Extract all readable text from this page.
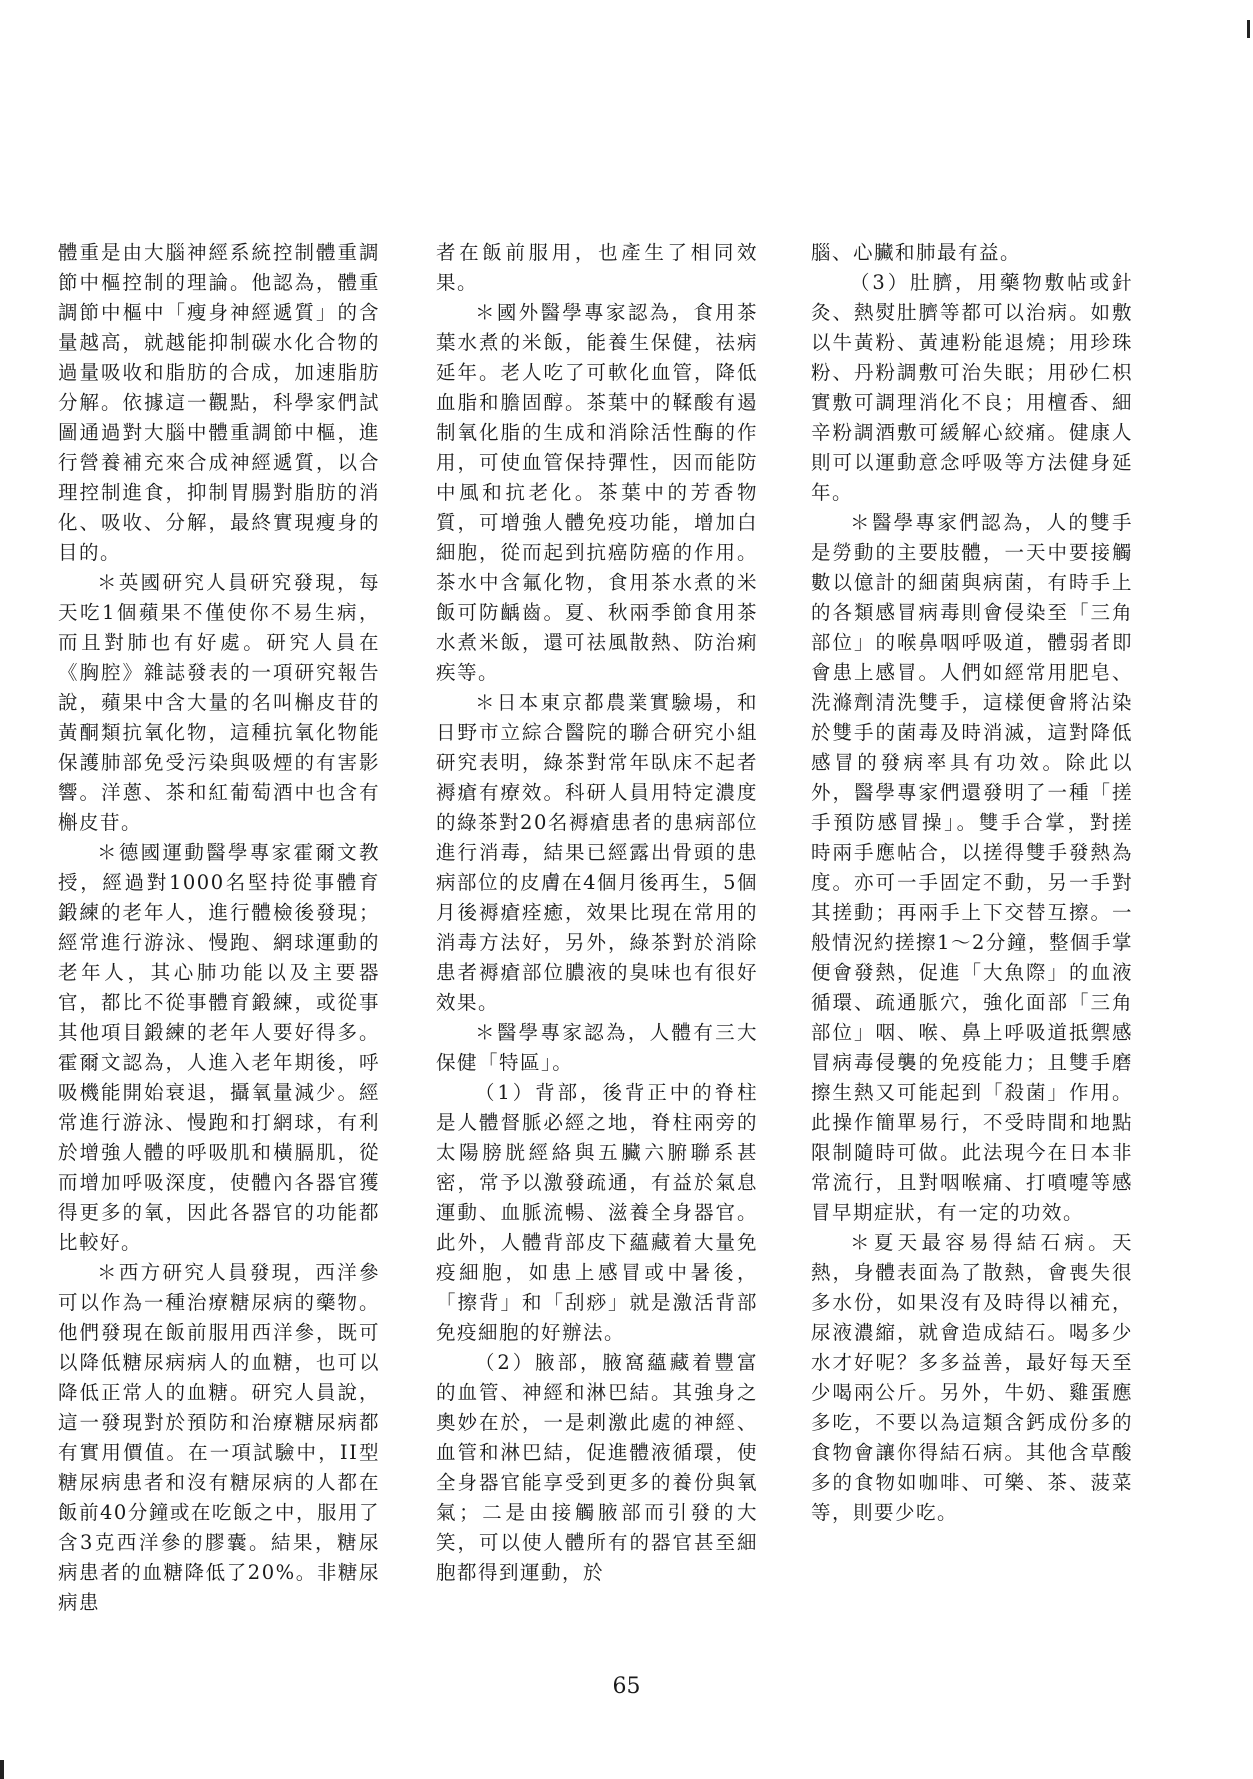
體重是由大腦神經系統控制體重調節中樞控制的理論。他認為，體重調節中樞中「瘦身神經遞質」的含量越高，就越能抑制碳水化合物的過量吸收和脂肪的合成，加速脂肪分解。依據這一觀點，科學家們試圖通過對大腦中體重調節中樞，進行營養補充來合成神經遞質，以合理控制進食，抑制胃腸對脂肪的消化、吸收、分解，最終實現瘦身的目的。

＊英國研究人員研究發現，每天吃1個蘋果不僅使你不易生病，而且對肺也有好處。研究人員在《胸腔》雜誌發表的一項研究報告說，蘋果中含大量的名叫槲皮苷的黃酮類抗氧化物，這種抗氧化物能保護肺部免受污染與吸煙的有害影響。洋蔥、茶和紅葡萄酒中也含有槲皮苷。

＊德國運動醫學專家霍爾文教授，經過對1000名堅持從事體育鍛練的老年人，進行體檢後發現；經常進行游泳、慢跑、網球運動的老年人，其心肺功能以及主要器官，都比不從事體育鍛練，或從事其他項目鍛練的老年人要好得多。霍爾文認為，人進入老年期後，呼吸機能開始衰退，攝氧量減少。經常進行游泳、慢跑和打網球，有利於增強人體的呼吸肌和橫膈肌，從而增加呼吸深度，使體內各器官獲得更多的氧，因此各器官的功能都比較好。

＊西方研究人員發現，西洋參可以作為一種治療糖尿病的藥物。他們發現在飯前服用西洋參，既可以降低糖尿病病人的血糖，也可以降低正常人的血糖。研究人員說，這一發現對於預防和治療糖尿病都有實用價值。在一項試驗中，II型糖尿病患者和沒有糖尿病的人都在飯前40分鐘或在吃飯之中，服用了含3克西洋參的膠囊。結果，糖尿病患者的血糖降低了20%。非糖尿病患

者在飯前服用，也產生了相同效果。

＊國外醫學專家認為，食用茶葉水煮的米飯，能養生保健，祛病延年。老人吃了可軟化血管，降低血脂和膽固醇。茶葉中的鞣酸有遏制氧化脂的生成和消除活性酶的作用，可使血管保持彈性，因而能防中風和抗老化。茶葉中的芳香物質，可增強人體免疫功能，增加白細胞，從而起到抗癌防癌的作用。茶水中含氟化物，食用茶水煮的米飯可防齲齒。夏、秋兩季節食用茶水煮米飯，還可祛風散熱、防治痢疾等。

＊日本東京都農業實驗場，和日野市立綜合醫院的聯合研究小組研究表明，綠茶對常年臥床不起者褥瘡有療效。科研人員用特定濃度的綠茶對20名褥瘡患者的患病部位進行消毒，結果已經露出骨頭的患病部位的皮膚在4個月後再生，5個月後褥瘡痊癒，效果比現在常用的消毒方法好，另外，綠茶對於消除患者褥瘡部位膿液的臭味也有很好效果。

＊醫學專家認為，人體有三大保健「特區」。

（1）背部，後背正中的脊柱是人體督脈必經之地，脊柱兩旁的太陽膀胱經絡與五臟六腑聯系甚密，常予以激發疏通，有益於氣息運動、血脈流暢、滋養全身器官。此外，人體背部皮下蘊藏着大量免疫細胞，如患上感冒或中暑後，「擦背」和「刮痧」就是激活背部免疫細胞的好辦法。

（2）腋部，腋窩蘊藏着豐富的血管、神經和淋巴結。其強身之奧妙在於，一是刺激此處的神經、血管和淋巴結，促進體液循環，使全身器官能享受到更多的養份與氧氣；二是由接觸腋部而引發的大笑，可以使人體所有的器官甚至細胞都得到運動，於

腦、心臟和肺最有益。

（3）肚臍，用藥物敷帖或針灸、熱熨肚臍等都可以治病。如敷以牛黃粉、黃連粉能退燒；用珍珠粉、丹粉調敷可治失眠；用砂仁枳實敷可調理消化不良；用檀香、細辛粉調酒敷可緩解心絞痛。健康人則可以運動意念呼吸等方法健身延年。

＊醫學專家們認為，人的雙手是勞動的主要肢體，一天中要接觸數以億計的細菌與病菌，有時手上的各類感冒病毒則會侵染至「三角部位」的喉鼻咽呼吸道，體弱者即會患上感冒。人們如經常用肥皂、洗滌劑清洗雙手，這樣便會將沾染於雙手的菌毒及時消滅，這對降低感冒的發病率具有功效。除此以外，醫學專家們還發明了一種「搓手預防感冒操」。雙手合掌，對搓時兩手應帖合，以搓得雙手發熱為度。亦可一手固定不動，另一手對其搓動；再兩手上下交替互擦。一般情況約搓擦1～2分鐘，整個手掌便會發熱，促進「大魚際」的血液循環、疏通脈穴，強化面部「三角部位」咽、喉、鼻上呼吸道抵禦感冒病毒侵襲的免疫能力；且雙手磨擦生熱又可能起到「殺菌」作用。此操作簡單易行，不受時間和地點限制隨時可做。此法現今在日本非常流行，且對咽喉痛、打噴嚏等感冒早期症狀，有一定的功效。

＊夏天最容易得結石病。天熱，身體表面為了散熱，會喪失很多水份，如果沒有及時得以補充，尿液濃縮，就會造成結石。喝多少水才好呢？多多益善，最好每天至少喝兩公斤。另外，牛奶、雞蛋應多吃，不要以為這類含鈣成份多的食物會讓你得結石病。其他含草酸多的食物如咖啡、可樂、茶、菠菜等，則要少吃。

65
